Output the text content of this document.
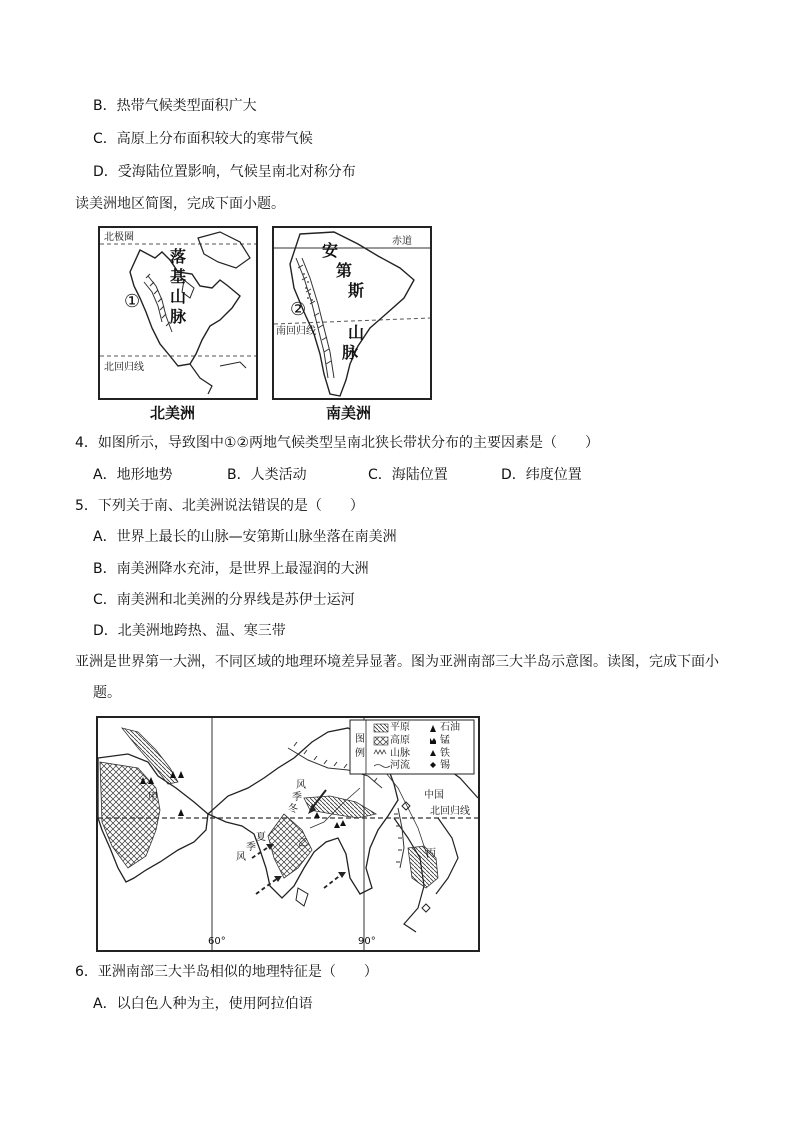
B．热带气候类型面积广大
C．高原上分布面积较大的寒带气候
D．受海陆位置影响，气候呈南北对称分布
读美洲地区简图，完成下面小题。
北极圈
北回归线
①
落
基
山
脉
北美洲
赤道
南回归线
②
安
第
斯
山
脉
南美洲
4．如图所示，导致图中①②两地气候类型呈南北狭长带状分布的主要因素是（　　）
A．地形地势	B．人类活动	C．海陆位置	D．纬度位置
5．下列关于南、北美洲说法错误的是（　　）
A．世界上最长的山脉—安第斯山脉坐落在南美洲
B．南美洲降水充沛，是世界上最湿润的大洲
C．南美洲和北美洲的分界线是苏伊士运河
D．北美洲地跨热、温、寒三带
亚洲是世界第一大洲，不同区域的地理环境差异显著。图为亚洲南部三大半岛示意图。读图，完成下面小
题。
图
例
平原
高原
山脉
河流
石油
锰
铁
锡
中国
北回归线
甲
乙
丙
风
季
冬
夏
季
风
60°	90°
6．亚洲南部三大半岛相似的地理特征是（　　）
A．以白色人种为主，使用阿拉伯语
